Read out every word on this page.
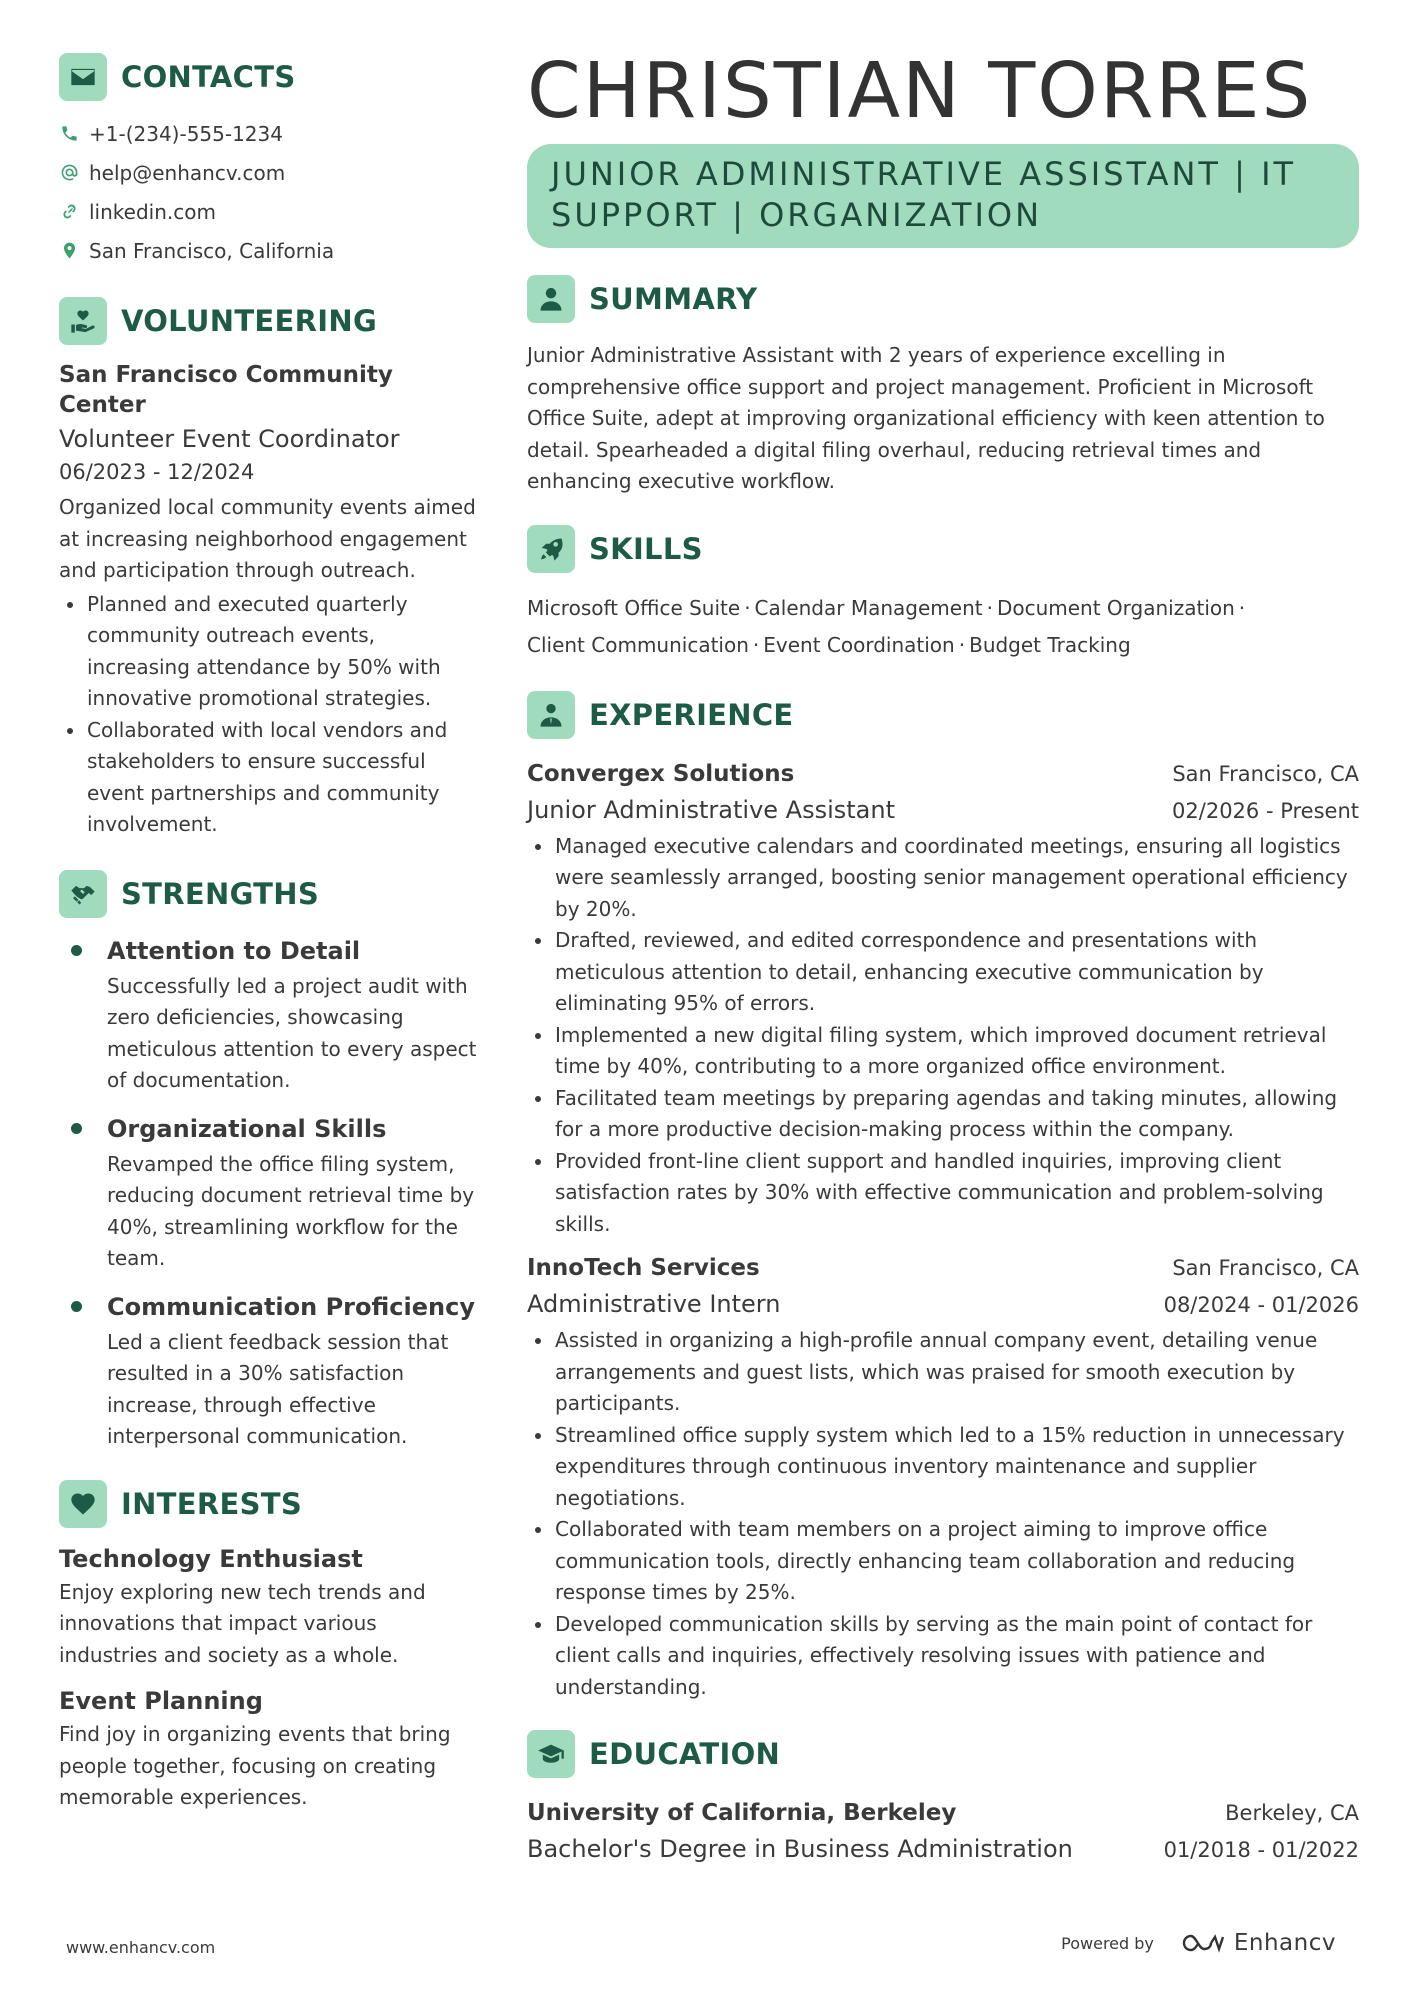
CONTACTS
+1-(234)-555-1234
help@enhancv.com
linkedin.com
San Francisco, California
VOLUNTEERING
San Francisco Community Center
Volunteer Event Coordinator
06/2023 - 12/2024
Organized local community events aimed at increasing neighborhood engagement and participation through outreach.
Planned and executed quarterly community outreach events, increasing attendance by 50% with innovative promotional strategies.
Collaborated with local vendors and stakeholders to ensure successful event partnerships and community involvement.
STRENGTHS
Attention to Detail
Successfully led a project audit with zero deficiencies, showcasing meticulous attention to every aspect of documentation.
Organizational Skills
Revamped the office filing system, reducing document retrieval time by 40%, streamlining workflow for the team.
Communication Proficiency
Led a client feedback session that resulted in a 30% satisfaction increase, through effective interpersonal communication.
INTERESTS
Technology Enthusiast
Enjoy exploring new tech trends and innovations that impact various industries and society as a whole.
Event Planning
Find joy in organizing events that bring people together, focusing on creating memorable experiences.
CHRISTIAN TORRES
JUNIOR ADMINISTRATIVE ASSISTANT | IT SUPPORT | ORGANIZATION
SUMMARY
Junior Administrative Assistant with 2 years of experience excelling in comprehensive office support and project management. Proficient in Microsoft Office Suite, adept at improving organizational efficiency with keen attention to detail. Spearheaded a digital filing overhaul, reducing retrieval times and enhancing executive workflow.
SKILLS
Microsoft Office Suite · Calendar Management · Document Organization ·
Client Communication · Event Coordination · Budget Tracking
EXPERIENCE
Convergex Solutions	San Francisco, CA
Junior Administrative Assistant	02/2026 - Present
Managed executive calendars and coordinated meetings, ensuring all logistics were seamlessly arranged, boosting senior management operational efficiency by 20%.
Drafted, reviewed, and edited correspondence and presentations with meticulous attention to detail, enhancing executive communication by eliminating 95% of errors.
Implemented a new digital filing system, which improved document retrieval time by 40%, contributing to a more organized office environment.
Facilitated team meetings by preparing agendas and taking minutes, allowing for a more productive decision-making process within the company.
Provided front-line client support and handled inquiries, improving client satisfaction rates by 30% with effective communication and problem-solving skills.
InnoTech Services	San Francisco, CA
Administrative Intern	08/2024 - 01/2026
Assisted in organizing a high-profile annual company event, detailing venue arrangements and guest lists, which was praised for smooth execution by participants.
Streamlined office supply system which led to a 15% reduction in unnecessary expenditures through continuous inventory maintenance and supplier negotiations.
Collaborated with team members on a project aiming to improve office communication tools, directly enhancing team collaboration and reducing response times by 25%.
Developed communication skills by serving as the main point of contact for client calls and inquiries, effectively resolving issues with patience and understanding.
EDUCATION
University of California, Berkeley	Berkeley, CA
Bachelor's Degree in Business Administration	01/2018 - 01/2022
www.enhancv.com	Powered by	Enhancv
